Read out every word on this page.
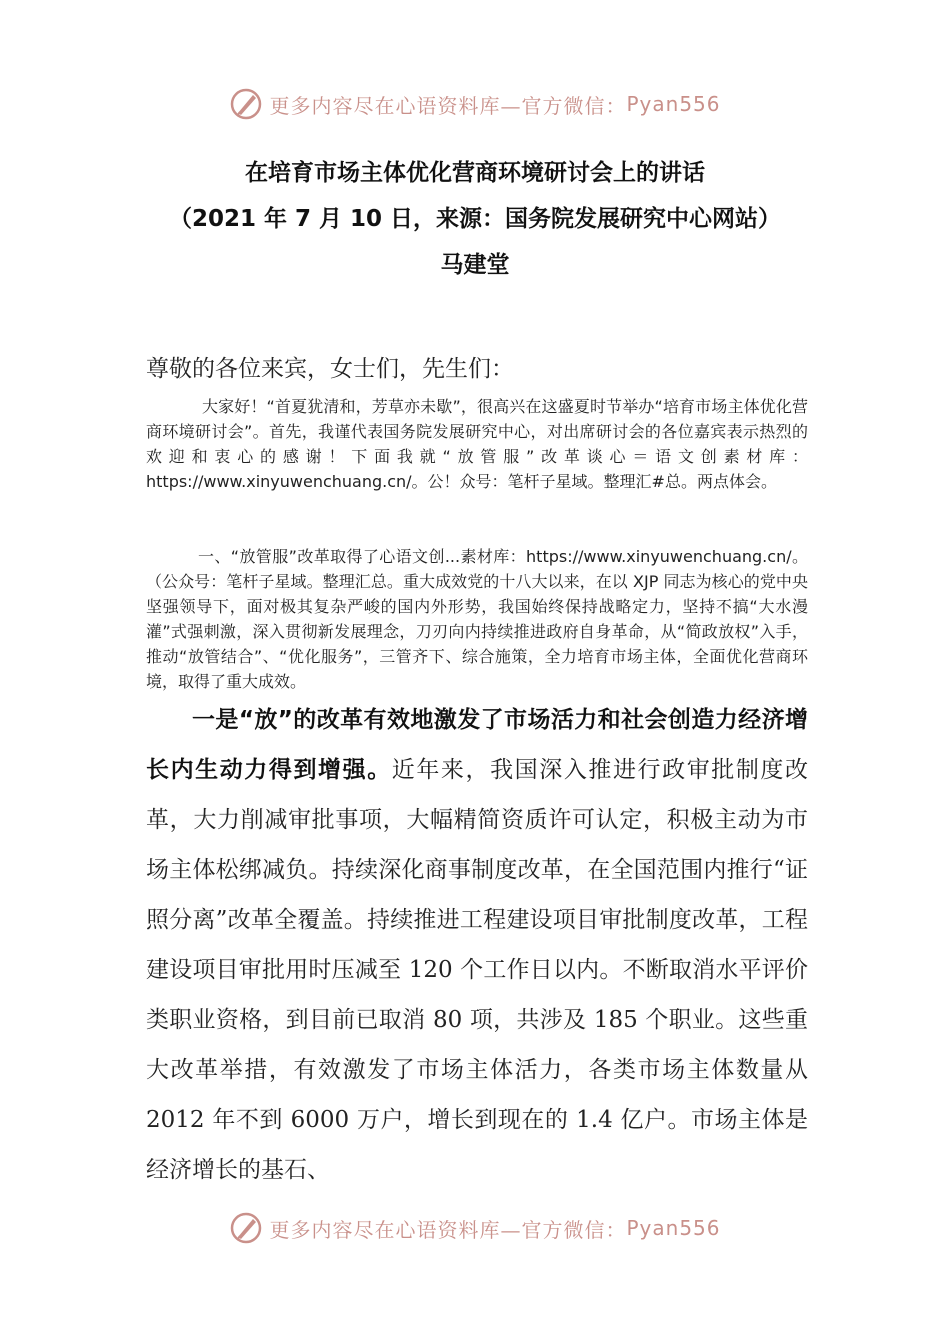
更多内容尽在心语资料库—官方微信： Pyan556
在培育市场主体优化营商环境研讨会上的讲话
（2021 年 7 月 10 日，来源：国务院发展研究中心网站）
马建堂
尊敬的各位来宾，女士们，先生们：
大家好！“首夏犹清和，芳草亦未歇”，很高兴在这盛夏时节举办“培育市场主体优化营商环境研讨会”。首先，我谨代表国务院发展研究中心，对出席研讨会的各位嘉宾表示热烈的欢迎和衷心的感谢！下面我就“放管服”改革谈心＝语文创素材库：https://www.xinyuwenchuang.cn/。公！众号：笔杆子星域。整理汇#总。两点体会。
一、“放管服”改革取得了心语文创...素材库：https://www.xinyuwenchuang.cn/。（公众号：笔杆子星域。整理汇总。重大成效党的十八大以来，在以 XJP 同志为核心的党中央坚强领导下，面对极其复杂严峻的国内外形势，我国始终保持战略定力，坚持不搞“大水漫灌”式强刺激，深入贯彻新发展理念，刀刃向内持续推进政府自身革命，从“简政放权”入手，推动“放管结合”、“优化服务”，三管齐下、综合施策，全力培育市场主体，全面优化营商环境，取得了重大成效。
一是“放”的改革有效地激发了市场活力和社会创造力经济增长内生动力得到增强。近年来，我国深入推进行政审批制度改革，大力削减审批事项，大幅精简资质许可认定，积极主动为市场主体松绑减负。持续深化商事制度改革，在全国范围内推行“证照分离”改革全覆盖。持续推进工程建设项目审批制度改革，工程建设项目审批用时压减至 120 个工作日以内。不断取消水平评价类职业资格，到目前已取消 80 项，共涉及 185 个职业。这些重大改革举措，有效激发了市场主体活力，各类市场主体数量从 2012 年不到 6000 万户，增长到现在的 1.4 亿户。市场主体是经济增长的基石、
更多内容尽在心语资料库—官方微信： Pyan556
